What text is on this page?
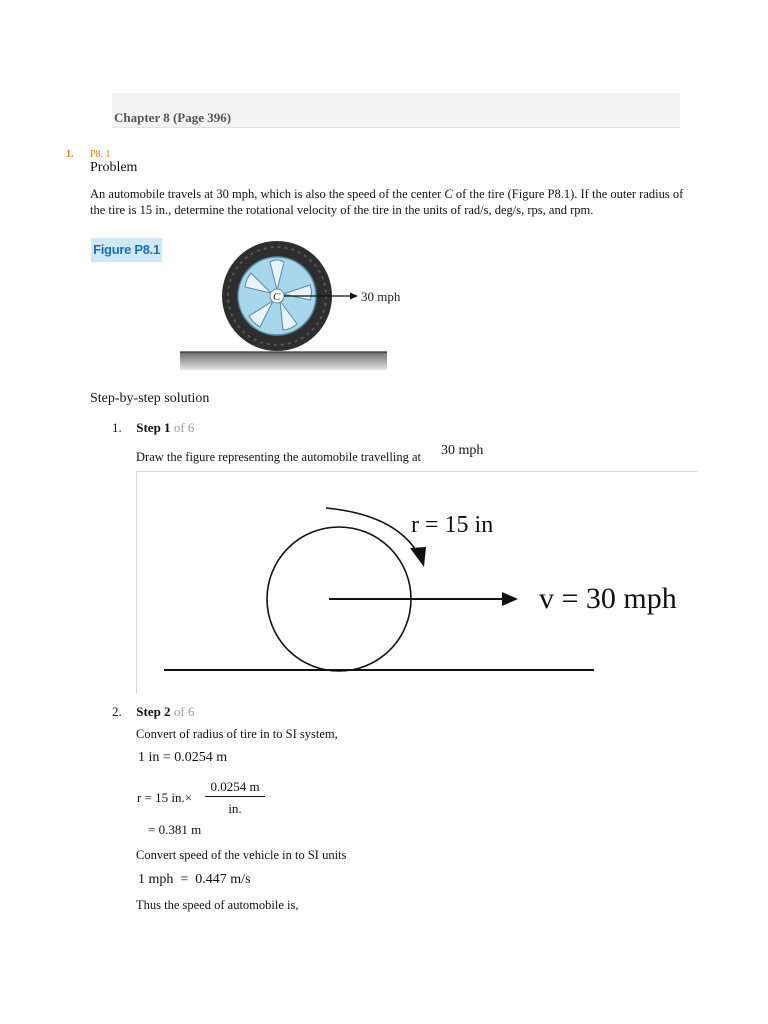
Chapter 8 (Page 396)
1. P8. 1
Problem
An automobile travels at 30 mph, which is also the speed of the center C of the tire (Figure P8.1). If the outer radius of the tire is 15 in., determine the rotational velocity of the tire in the units of rad/s, deg/s, rps, and rpm.
Figure P8.1
C	30 mph
Step-by-step solution
1. Step 1 of 6
Draw the figure representing the automobile travelling at 30 mph
r = 15 in
v = 30 mph
2. Step 2 of 6
Convert of radius of tire in to SI system,
1 in = 0.0254 m
r = 15 in.×
0.0254 m
in.
= 0.381 m
Convert speed of the vehicle in to SI units
1 mph  =  0.447 m/s
Thus the speed of automobile is,
